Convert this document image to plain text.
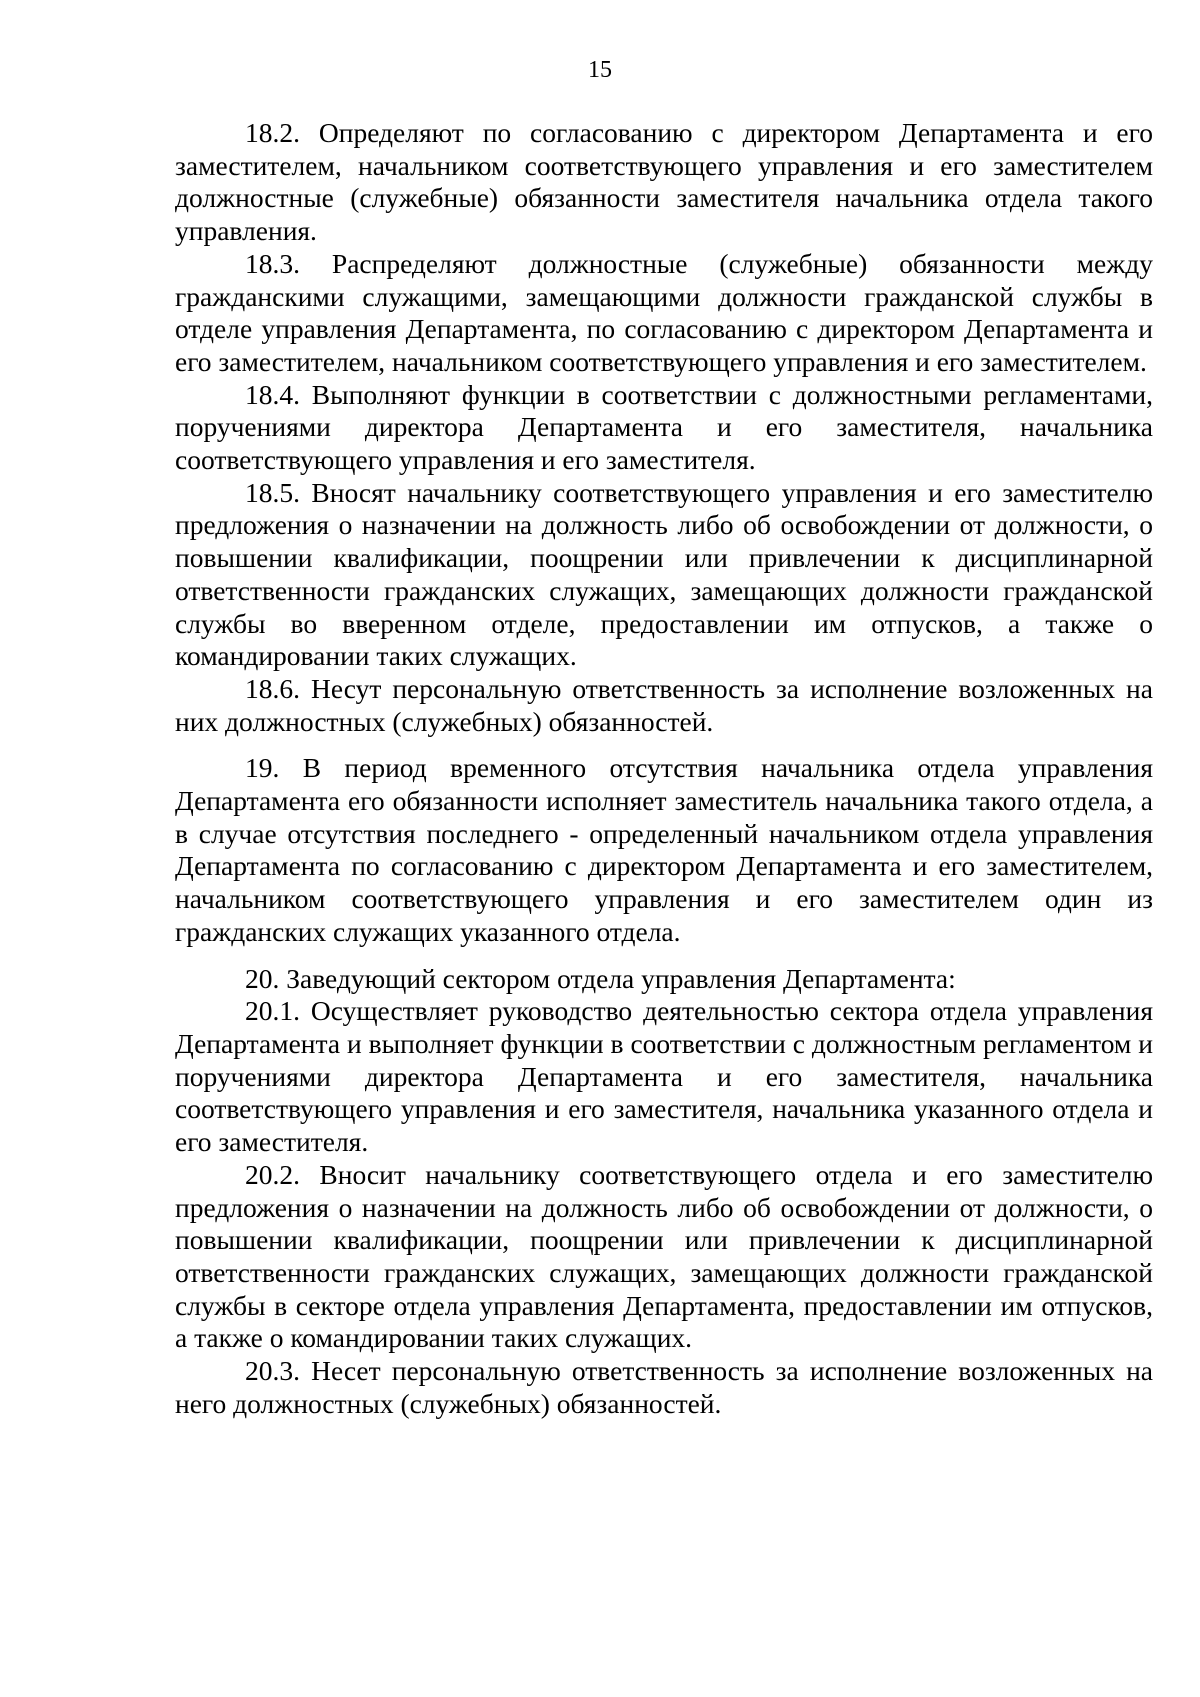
15

18.2. Определяют по согласованию с директором Департамента и его заместителем, начальником соответствующего управления и его заместителем должностные (служебные) обязанности заместителя начальника отдела такого управления.

18.3. Распределяют должностные (служебные) обязанности между гражданскими служащими, замещающими должности гражданской службы в отделе управления Департамента, по согласованию с директором Департамента и его заместителем, начальником соответствующего управления и его заместителем.

18.4. Выполняют функции в соответствии с должностными регламентами, поручениями директора Департамента и его заместителя, начальника соответствующего управления и его заместителя.

18.5. Вносят начальнику соответствующего управления и его заместителю предложения о назначении на должность либо об освобождении от должности, о повышении квалификации, поощрении или привлечении к дисциплинарной ответственности гражданских служащих, замещающих должности гражданской службы во вверенном отделе, предоставлении им отпусков, а также о командировании таких служащих.

18.6. Несут персональную ответственность за исполнение возложенных на них должностных (служебных) обязанностей.

19. В период временного отсутствия начальника отдела управления Департамента его обязанности исполняет заместитель начальника такого отдела, а в случае отсутствия последнего - определенный начальником отдела управления Департамента по согласованию с директором Департамента и его заместителем, начальником соответствующего управления и его заместителем один из гражданских служащих указанного отдела.

20. Заведующий сектором отдела управления Департамента:

20.1. Осуществляет руководство деятельностью сектора отдела управления Департамента и выполняет функции в соответствии с должностным регламентом и поручениями директора Департамента и его заместителя, начальника соответствующего управления и его заместителя, начальника указанного отдела и его заместителя.

20.2. Вносит начальнику соответствующего отдела и его заместителю предложения о назначении на должность либо об освобождении от должности, о повышении квалификации, поощрении или привлечении к дисциплинарной ответственности гражданских служащих, замещающих должности гражданской службы в секторе отдела управления Департамента, предоставлении им отпусков, а также о командировании таких служащих.

20.3. Несет персональную ответственность за исполнение возложенных на него должностных (служебных) обязанностей.
